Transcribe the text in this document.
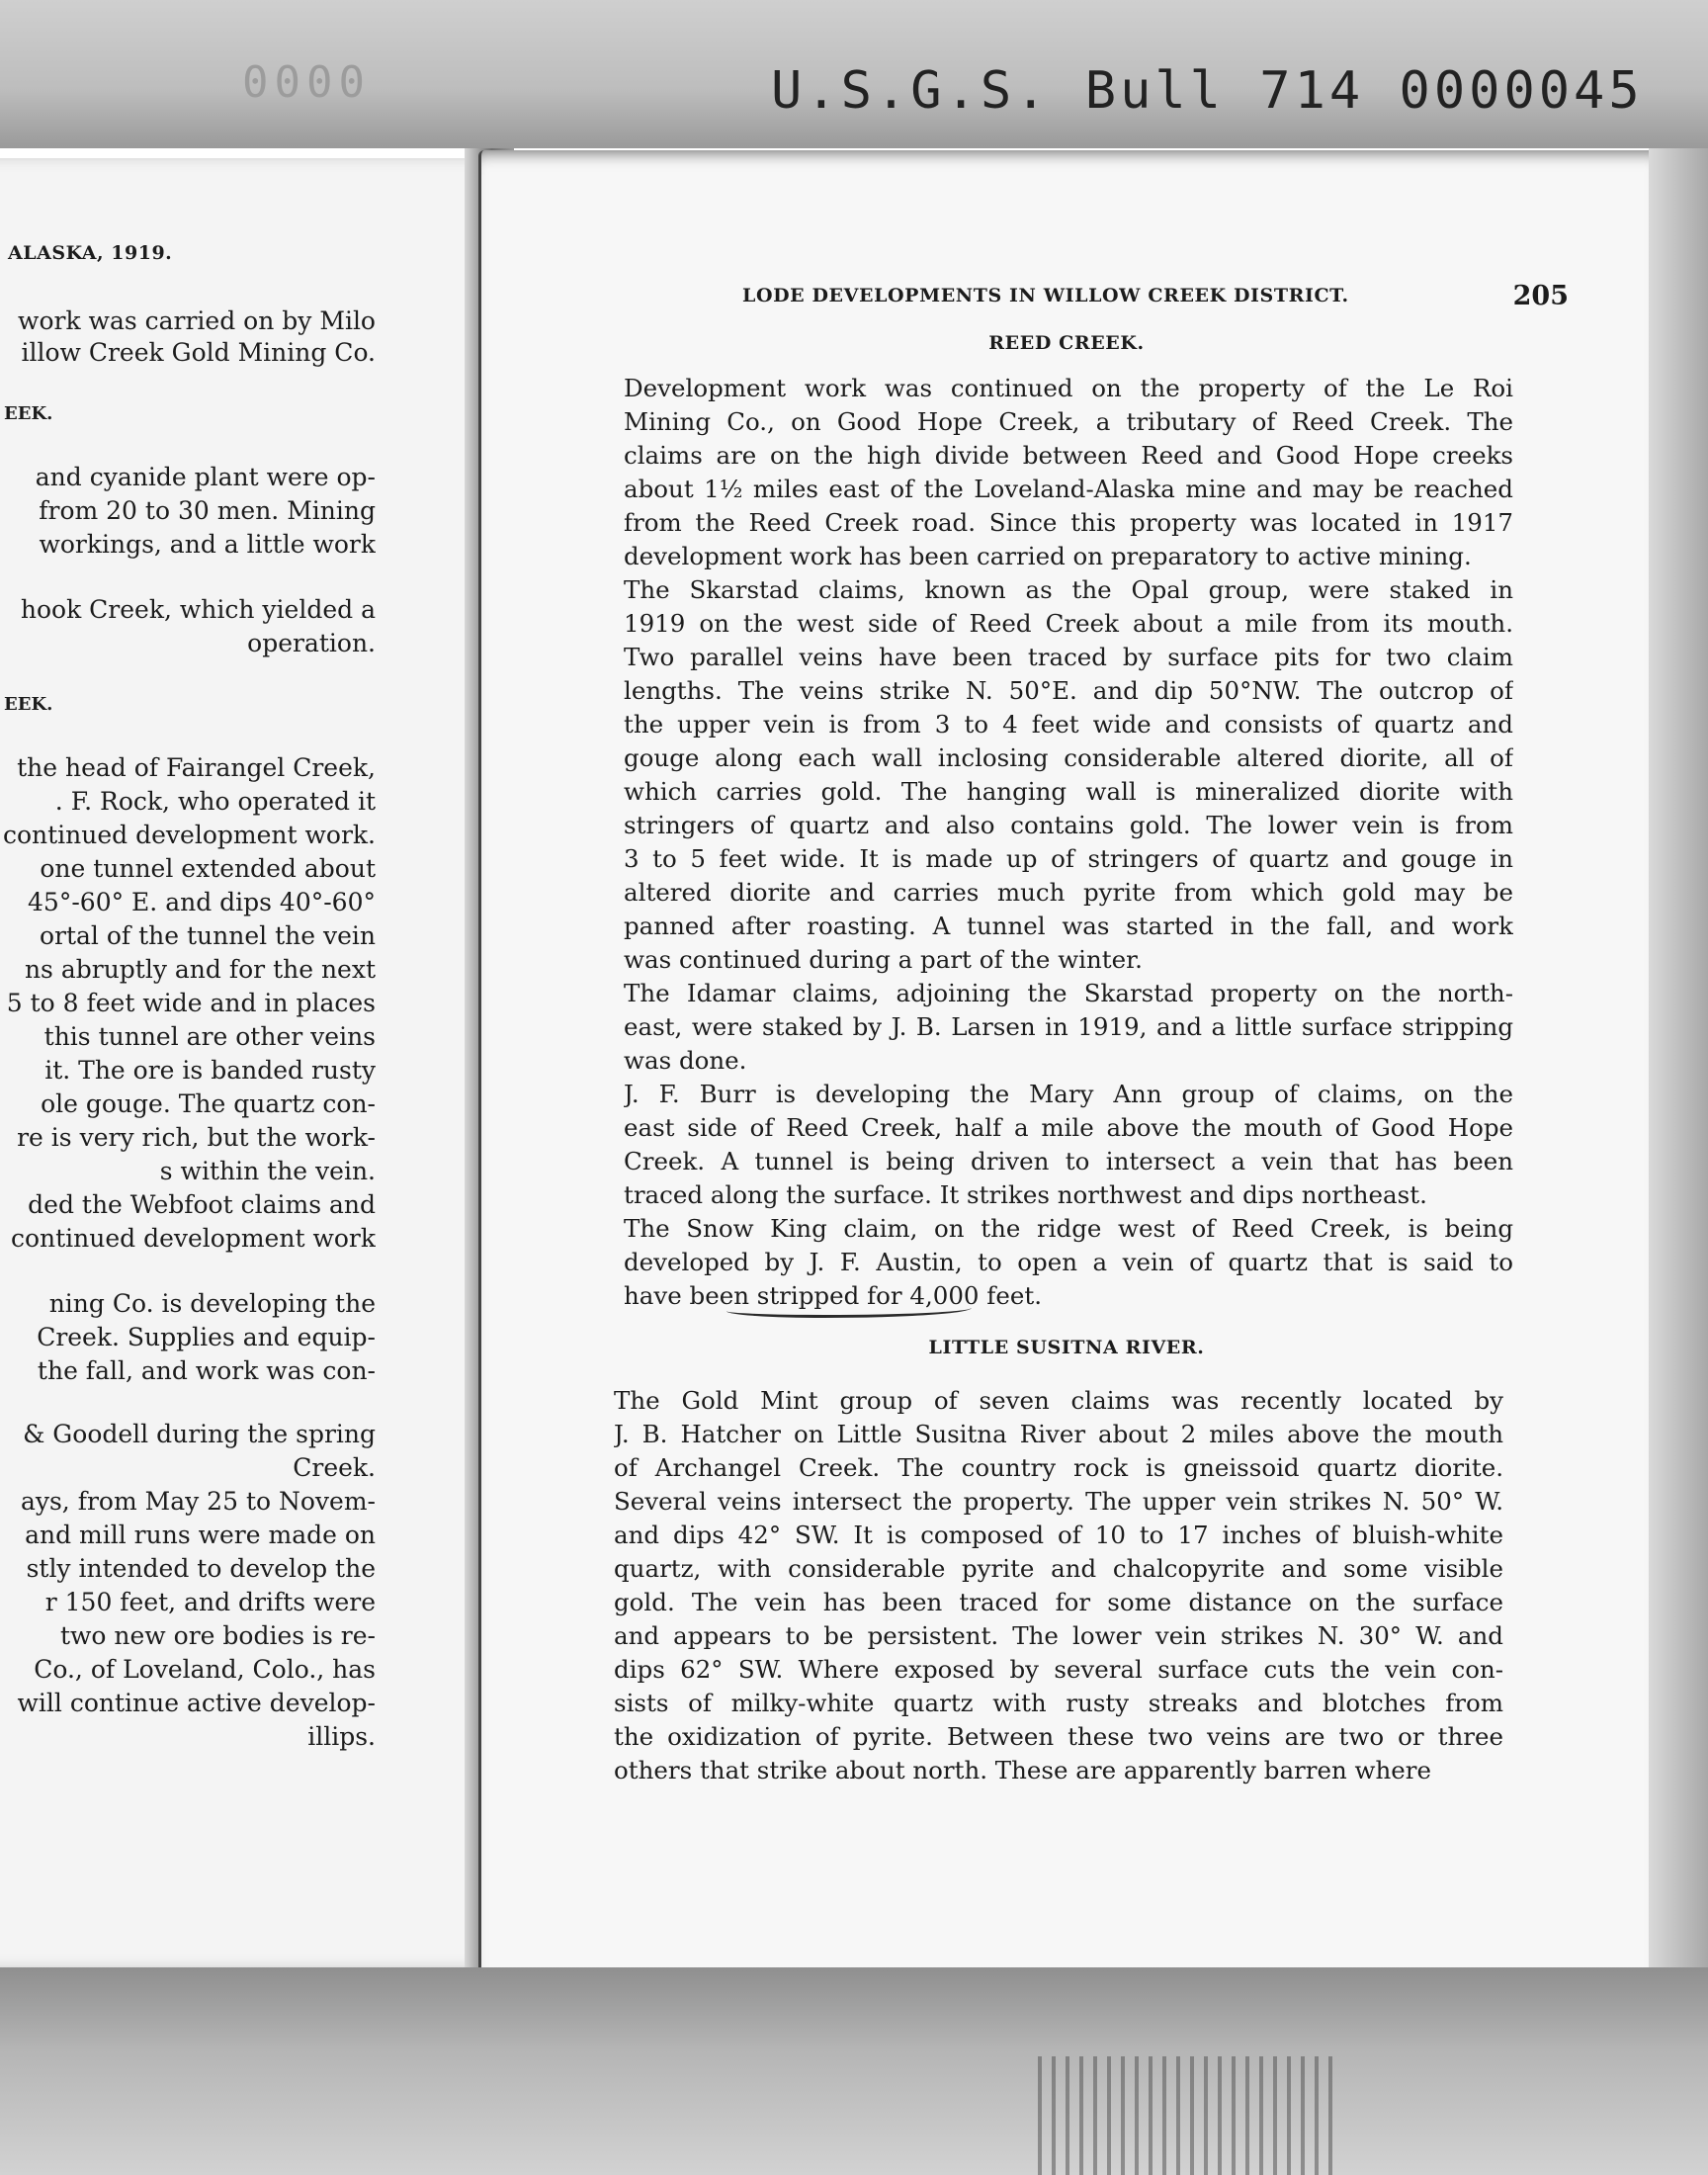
0000	U.S.G.S. Bull 714 0000045
ALASKA, 1919.
work was carried on by Milo
illow Creek Gold Mining Co.
EEK.
and cyanide plant were op-
from 20 to 30 men. Mining
workings, and a little work
hook Creek, which yielded a
operation.
EEK.
the head of Fairangel Creek,
. F. Rock, who operated it
continued development work.
one tunnel extended about
45°-60° E. and dips 40°-60°
ortal of the tunnel the vein
ns abruptly and for the next
5 to 8 feet wide and in places
this tunnel are other veins
it. The ore is banded rusty
ole gouge. The quartz con-
re is very rich, but the work-
s within the vein.
ded the Webfoot claims and
continued development work
ning Co. is developing the
Creek. Supplies and equip-
the fall, and work was con-
& Goodell during the spring
Creek.
ays, from May 25 to Novem-
and mill runs were made on
stly intended to develop the
r 150 feet, and drifts were
two new ore bodies is re-
Co., of Loveland, Colo., has
will continue active develop-
illips.
LODE DEVELOPMENTS IN WILLOW CREEK DISTRICT.	205
REED CREEK.
Development work was continued on the property of the Le Roi
Mining Co., on Good Hope Creek, a tributary of Reed Creek. The
claims are on the high divide between Reed and Good Hope creeks
about 1½ miles east of the Loveland-Alaska mine and may be reached
from the Reed Creek road. Since this property was located in 1917
development work has been carried on preparatory to active mining.
The Skarstad claims, known as the Opal group, were staked in
1919 on the west side of Reed Creek about a mile from its mouth.
Two parallel veins have been traced by surface pits for two claim
lengths. The veins strike N. 50°E. and dip 50°NW. The outcrop of
the upper vein is from 3 to 4 feet wide and consists of quartz and
gouge along each wall inclosing considerable altered diorite, all of
which carries gold. The hanging wall is mineralized diorite with
stringers of quartz and also contains gold. The lower vein is from
3 to 5 feet wide. It is made up of stringers of quartz and gouge in
altered diorite and carries much pyrite from which gold may be
panned after roasting. A tunnel was started in the fall, and work
was continued during a part of the winter.
The Idamar claims, adjoining the Skarstad property on the north-
east, were staked by J. B. Larsen in 1919, and a little surface stripping
was done.
J. F. Burr is developing the Mary Ann group of claims, on the
east side of Reed Creek, half a mile above the mouth of Good Hope
Creek. A tunnel is being driven to intersect a vein that has been
traced along the surface. It strikes northwest and dips northeast.
The Snow King claim, on the ridge west of Reed Creek, is being
developed by J. F. Austin, to open a vein of quartz that is said to
have been stripped for 4,000 feet.
LITTLE SUSITNA RIVER.
The Gold Mint group of seven claims was recently located by
J. B. Hatcher on Little Susitna River about 2 miles above the mouth
of Archangel Creek. The country rock is gneissoid quartz diorite.
Several veins intersect the property. The upper vein strikes N. 50° W.
and dips 42° SW. It is composed of 10 to 17 inches of bluish-white
quartz, with considerable pyrite and chalcopyrite and some visible
gold. The vein has been traced for some distance on the surface
and appears to be persistent. The lower vein strikes N. 30° W. and
dips 62° SW. Where exposed by several surface cuts the vein con-
sists of milky-white quartz with rusty streaks and blotches from
the oxidization of pyrite. Between these two veins are two or three
others that strike about north. These are apparently barren where
